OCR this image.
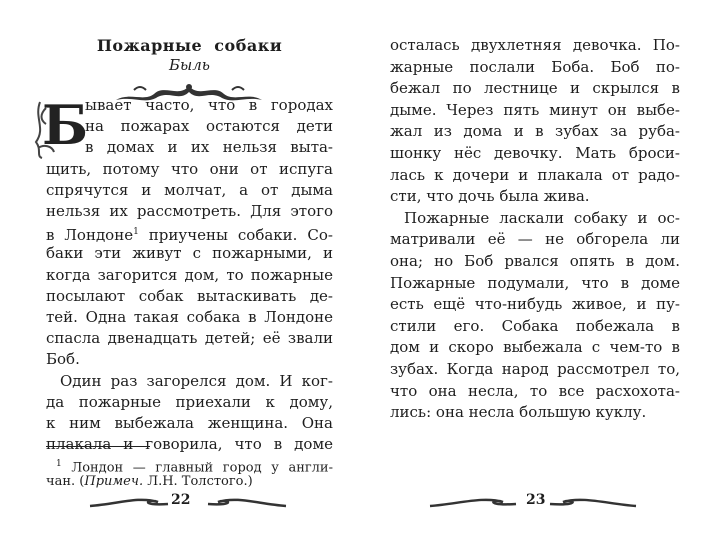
Пожарные собаки
Быль
Б
ывает часто, что в городах
на пожарах остаются дети
в домах и их нельзя выта-
щить, потому что они от испуга
спрячутся и молчат, а от дыма
нельзя их рассмотреть. Для этого
в Лондоне$^1$ приучены собаки. Со-
баки эти живут с пожарными, и
когда загорится дом, то пожарные
посылают собак вытаскивать де-
тей. Одна такая собака в Лондоне
спасла двенадцать детей; её звали
Боб.
Один раз загорелся дом. И ког-
да пожарные приехали к дому,
к ним выбежала женщина. Она
плакала и говорила, что в доме
$^1$ Лондон — главный город у англи-
чан. (Примеч. Л.Н. Толстого.)
22
осталась двухлетняя девочка. По-
жарные послали Боба. Боб по-
бежал по лестнице и скрылся в
дыме. Через пять минут он выбе-
жал из дома и в зубах за руба-
шонку нёс девочку. Мать броси-
лась к дочери и плакала от радо-
сти, что дочь была жива.
Пожарные ласкали собаку и ос-
матривали её — не обгорела ли
она; но Боб рвался опять в дом.
Пожарные подумали, что в доме
есть ещё что-нибудь живое, и пу-
стили его. Собака побежала в
дом и скоро выбежала с чем-то в
зубах. Когда народ рассмотрел то,
что она несла, то все расхохота-
лись: она несла большую куклу.
23
